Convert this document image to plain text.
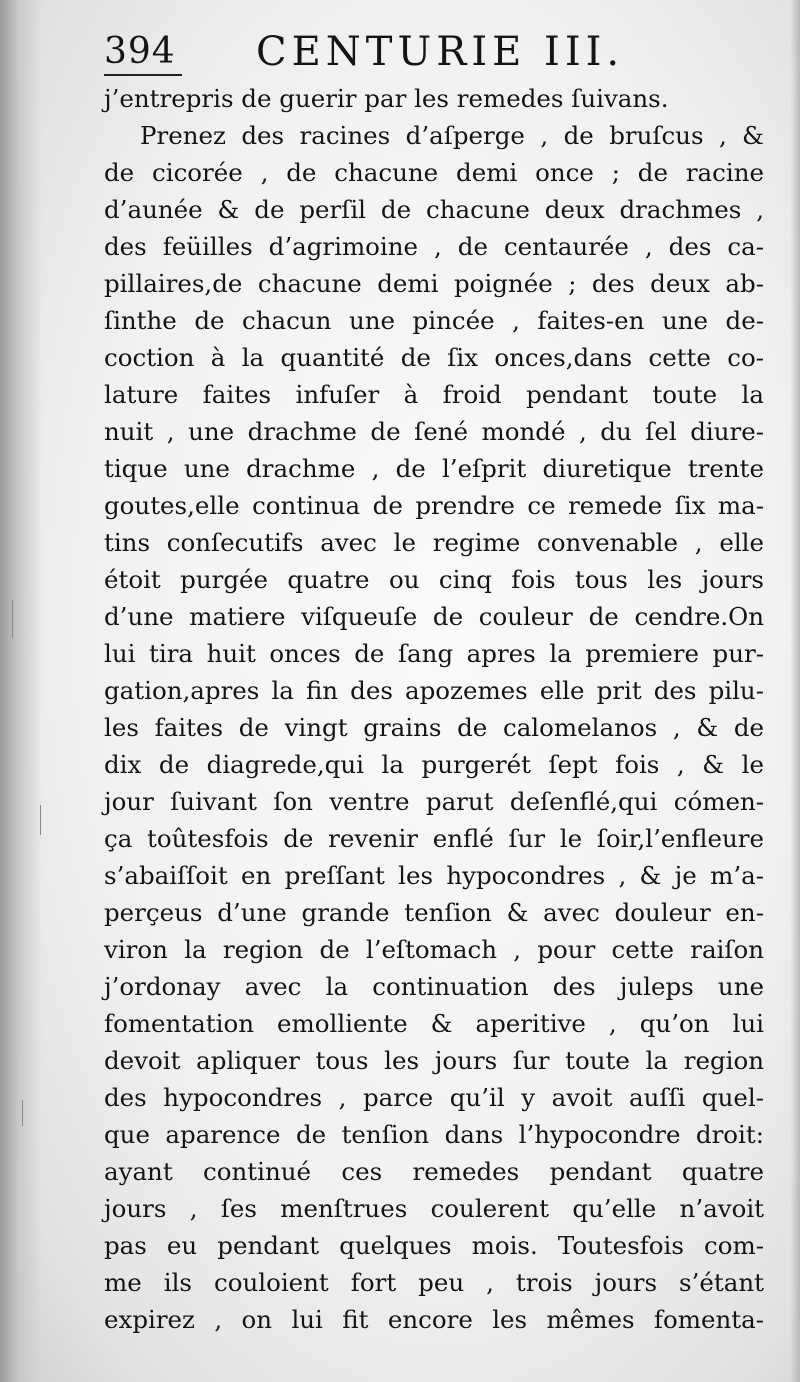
394 CENTURIE III.
j’entrepris de guerir par les remedes ſuivans.
Prenez des racines d’aſperge , de bruſcus , &
de cicorée , de chacune demi once ; de racine
d’aunée & de perſil de chacune deux drachmes ,
des feüilles d’agrimoine , de centaurée , des ca-
pillaires,de chacune demi poignée ; des deux ab-
ſinthe de chacun une pincée , faites-en une de-
coction à la quantité de ſix onces,dans cette co-
lature faites infuſer à froid pendant toute la
nuit , une drachme de ſené mondé , du ſel diure-
tique une drachme , de l’eſprit diuretique trente
goutes,elle continua de prendre ce remede ſix ma-
tins conſecutifs avec le regime convenable , elle
étoit purgée quatre ou cinq fois tous les jours
d’une matiere viſqueuſe de couleur de cendre.On
lui tira huit onces de ſang apres la premiere pur-
gation,apres la fin des apozemes elle prit des pilu-
les faites de vingt grains de calomelanos , & de
dix de diagrede,qui la purgerét ſept fois , & le
jour ſuivant ſon ventre parut deſenflé,qui cómen-
ça toûtesfois de revenir enflé ſur le ſoir,l’enfleure
s’abaiſſoit en preſſant les hypocondres , & je m’a-
perçeus d’une grande tenſion & avec douleur en-
viron la region de l’eſtomach , pour cette raiſon
j’ordonay avec la continuation des juleps une
fomentation emolliente & aperitive , qu’on lui
devoit apliquer tous les jours ſur toute la region
des hypocondres , parce qu’il y avoit auſſi quel-
que aparence de tenſion dans l’hypocondre droit:
ayant continué ces remedes pendant quatre
jours , ſes menſtrues coulerent qu’elle n’avoit
pas eu pendant quelques mois. Toutesfois com-
me ils couloient fort peu , trois jours s’étant
expirez , on lui fit encore les mêmes fomenta-
